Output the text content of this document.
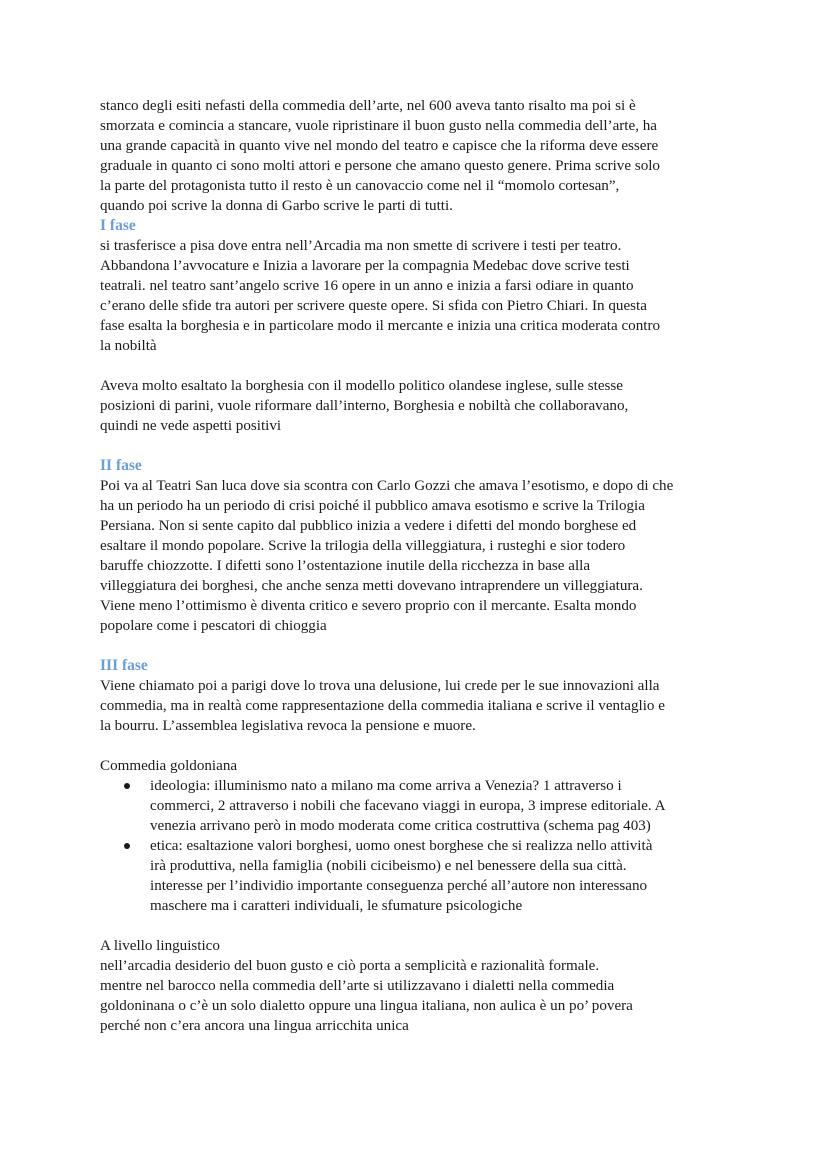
stanco degli esiti nefasti della commedia dell’arte, nel 600 aveva tanto risalto ma poi si è
smorzata e comincia a stancare, vuole ripristinare il buon gusto nella commedia dell’arte, ha
una grande capacità in quanto vive nel mondo del teatro e capisce che la riforma deve essere
graduale in quanto ci sono molti attori e persone che amano questo genere. Prima scrive solo
la parte del protagonista tutto il resto è un canovaccio come nel il “momolo cortesan”,
quando poi scrive la donna di Garbo scrive le parti di tutti.

I fase

si trasferisce a pisa dove entra nell’Arcadia ma non smette di scrivere i testi per teatro.
Abbandona l’avvocature e Inizia a lavorare per la compagnia Medebac dove scrive testi
teatrali. nel teatro sant’angelo scrive 16 opere in un anno e inizia a farsi odiare in quanto
c’erano delle sfide tra autori per scrivere queste opere. Si sfida con Pietro Chiari. In questa
fase esalta la borghesia e in particolare modo il mercante e inizia una critica moderata contro
la nobiltà

Aveva molto esaltato la borghesia con il modello politico olandese inglese, sulle stesse
posizioni di parini, vuole riformare dall’interno, Borghesia e nobiltà che collaboravano,
quindi ne vede aspetti positivi

II fase

Poi va al Teatri San luca dove sia scontra con Carlo Gozzi che amava l’esotismo, e dopo di che
ha un periodo ha un periodo di crisi poiché il pubblico amava esotismo e scrive la Trilogia
Persiana. Non si sente capito dal pubblico inizia a vedere i difetti del mondo borghese ed
esaltare il mondo popolare. Scrive la trilogia della villeggiatura, i rusteghi e sior todero
baruffe chiozzotte. I difetti sono l’ostentazione inutile della ricchezza in base alla
villeggiatura dei borghesi, che anche senza metti dovevano intraprendere un villeggiatura.
Viene meno l’ottimismo è diventa critico e severo proprio con il mercante. Esalta mondo
popolare come i pescatori di chioggia

III fase

Viene chiamato poi a parigi dove lo trova una delusione, lui crede per le sue innovazioni alla
commedia, ma in realtà come rappresentazione della commedia italiana e scrive il ventaglio e
la bourru. L’assemblea legislativa revoca la pensione e muore.

Commedia goldoniana
ideologia: illuminismo nato a milano ma come arriva a Venezia? 1 attraverso i
commerci, 2 attraverso i nobili che facevano viaggi in europa, 3 imprese editoriale. A
venezia arrivano però in modo moderata come critica costruttiva (schema pag 403)
etica: esaltazione valori borghesi, uomo onest borghese che si realizza nello attività
irà produttiva, nella famiglia (nobili cicibeismo) e nel benessere della sua città.
interesse per l’individio importante conseguenza perché all’autore non interessano
maschere ma i caratteri individuali, le sfumature psicologiche
A livello linguistico

nell’arcadia desiderio del buon gusto e ciò porta a semplicità e razionalità formale.
mentre nel barocco nella commedia dell’arte si utilizzavano i dialetti nella commedia
goldoninana o c’è un solo dialetto oppure una lingua italiana, non aulica è un po’ povera
perché non c’era ancora una lingua arricchita unica
